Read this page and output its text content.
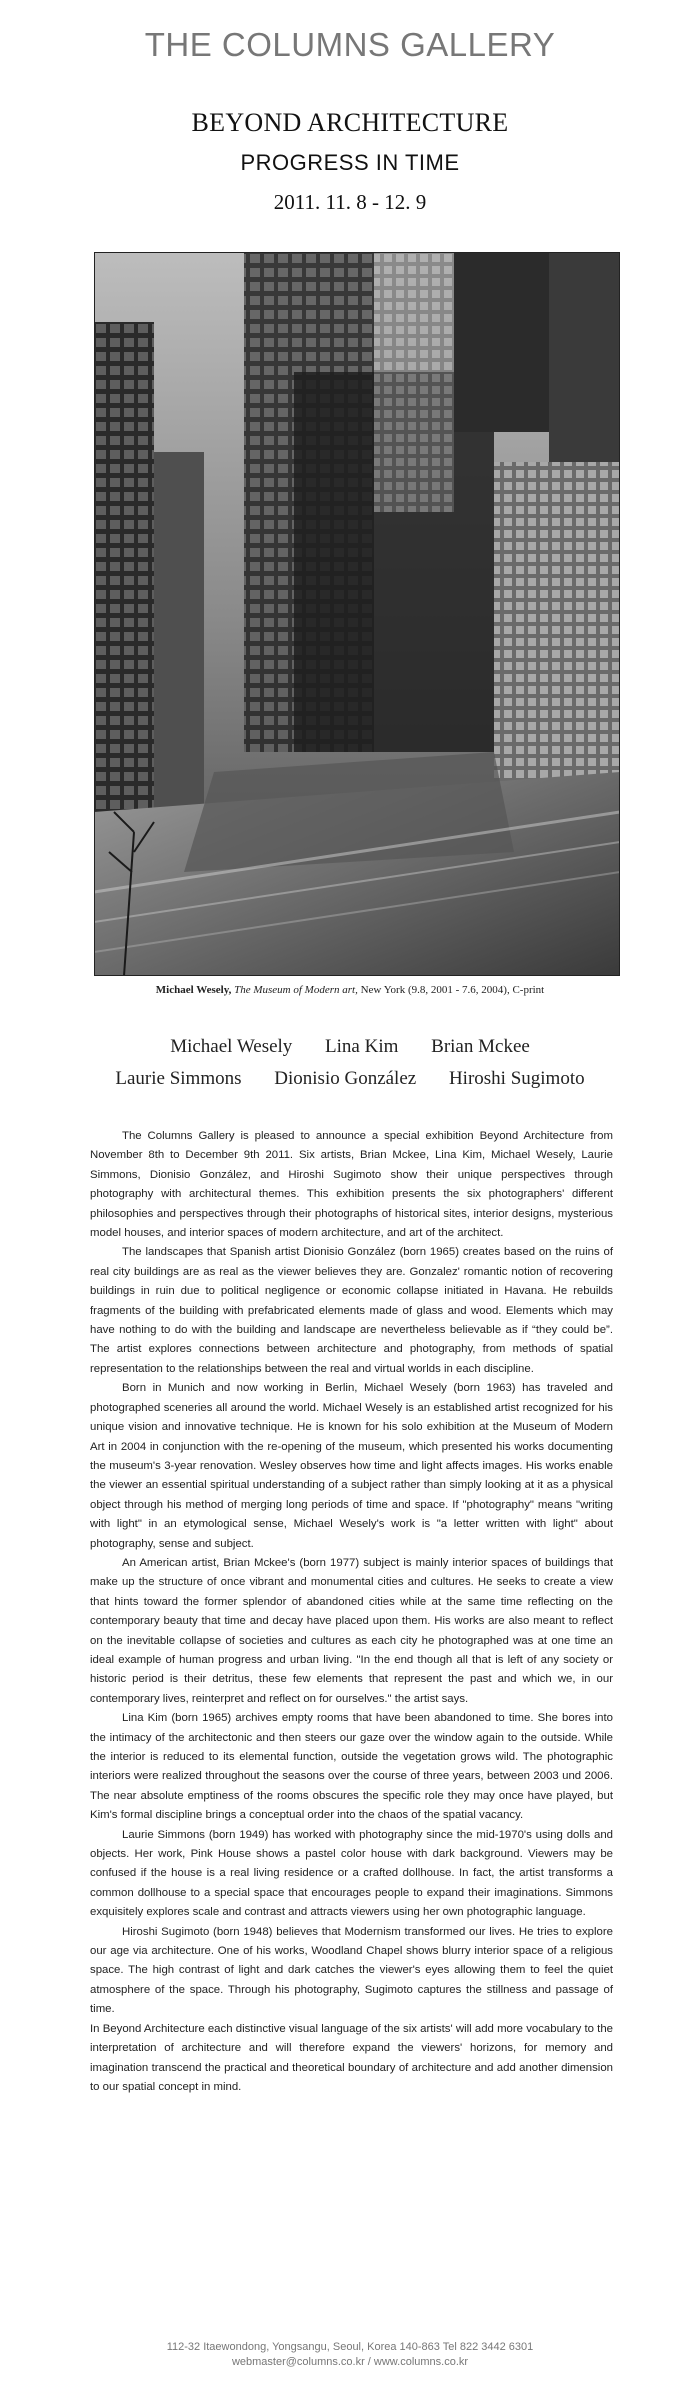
THE COLUMNS GALLERY
BEYOND ARCHITECTURE
PROGRESS IN TIME
2011. 11. 8 - 12. 9
Michael Wesely, The Museum of Modern art, New York (9.8, 2001 - 7.6, 2004), C-print
Michael Wesely Lina Kim Brian Mckee
Laurie Simmons Dionisio González Hiroshi Sugimoto

The Columns Gallery is pleased to announce a special exhibition Beyond Architecture from November 8th to December 9th 2011. Six artists, Brian Mckee, Lina Kim, Michael Wesely, Laurie Simmons, Dionisio González, and Hiroshi Sugimoto show their unique perspectives through photography with architectural themes. This exhibition presents the six photographers' different philosophies and perspectives through their photographs of historical sites, interior designs, mysterious model houses, and interior spaces of modern architecture, and art of the architect.

The landscapes that Spanish artist Dionisio González (born 1965) creates based on the ruins of real city buildings are as real as the viewer believes they are. Gonzalez' romantic notion of recovering buildings in ruin due to political negligence or economic collapse initiated in Havana. He rebuilds fragments of the building with prefabricated elements made of glass and wood. Elements which may have nothing to do with the building and landscape are nevertheless believable as if “they could be”. The artist explores connections between architecture and photography, from methods of spatial representation to the relationships between the real and virtual worlds in each discipline.

Born in Munich and now working in Berlin, Michael Wesely (born 1963) has traveled and photographed sceneries all around the world. Michael Wesely is an established artist recognized for his unique vision and innovative technique. He is known for his solo exhibition at the Museum of Modern Art in 2004 in conjunction with the re-opening of the museum, which presented his works documenting the museum's 3-year renovation. Wesley observes how time and light affects images. His works enable the viewer an essential spiritual understanding of a subject rather than simply looking at it as a physical object through his method of merging long periods of time and space. If "photography" means "writing with light" in an etymological sense, Michael Wesely's work is "a letter written with light" about photography, sense and subject.

An American artist, Brian Mckee's (born 1977) subject is mainly interior spaces of buildings that make up the structure of once vibrant and monumental cities and cultures. He seeks to create a view that hints toward the former splendor of abandoned cities while at the same time reflecting on the contemporary beauty that time and decay have placed upon them. His works are also meant to reflect on the inevitable collapse of societies and cultures as each city he photographed was at one time an ideal example of human progress and urban living. "In the end though all that is left of any society or historic period is their detritus, these few elements that represent the past and which we, in our contemporary lives, reinterpret and reflect on for ourselves." the artist says.

Lina Kim (born 1965) archives empty rooms that have been abandoned to time. She bores into the intimacy of the architectonic and then steers our gaze over the window again to the outside. While the interior is reduced to its elemental function, outside the vegetation grows wild. The photographic interiors were realized throughout the seasons over the course of three years, between 2003 und 2006. The near absolute emptiness of the rooms obscures the specific role they may once have played, but Kim's formal discipline brings a conceptual order into the chaos of the spatial vacancy.

Laurie Simmons (born 1949) has worked with photography since the mid-1970's using dolls and objects. Her work, Pink House shows a pastel color house with dark background. Viewers may be confused if the house is a real living residence or a crafted dollhouse. In fact, the artist transforms a common dollhouse to a special space that encourages people to expand their imaginations. Simmons exquisitely explores scale and contrast and attracts viewers using her own photographic language.

Hiroshi Sugimoto (born 1948) believes that Modernism transformed our lives. He tries to explore our age via architecture. One of his works, Woodland Chapel shows blurry interior space of a religious space. The high contrast of light and dark catches the viewer's eyes allowing them to feel the quiet atmosphere of the space. Through his photography, Sugimoto captures the stillness and passage of time.

In Beyond Architecture each distinctive visual language of the six artists' will add more vocabulary to the interpretation of architecture and will therefore expand the viewers' horizons, for memory and imagination transcend the practical and theoretical boundary of architecture and add another dimension to our spatial concept in mind.

112-32 Itaewondong, Yongsangu, Seoul, Korea 140-863 Tel 822 3442 6301
webmaster@columns.co.kr / www.columns.co.kr
